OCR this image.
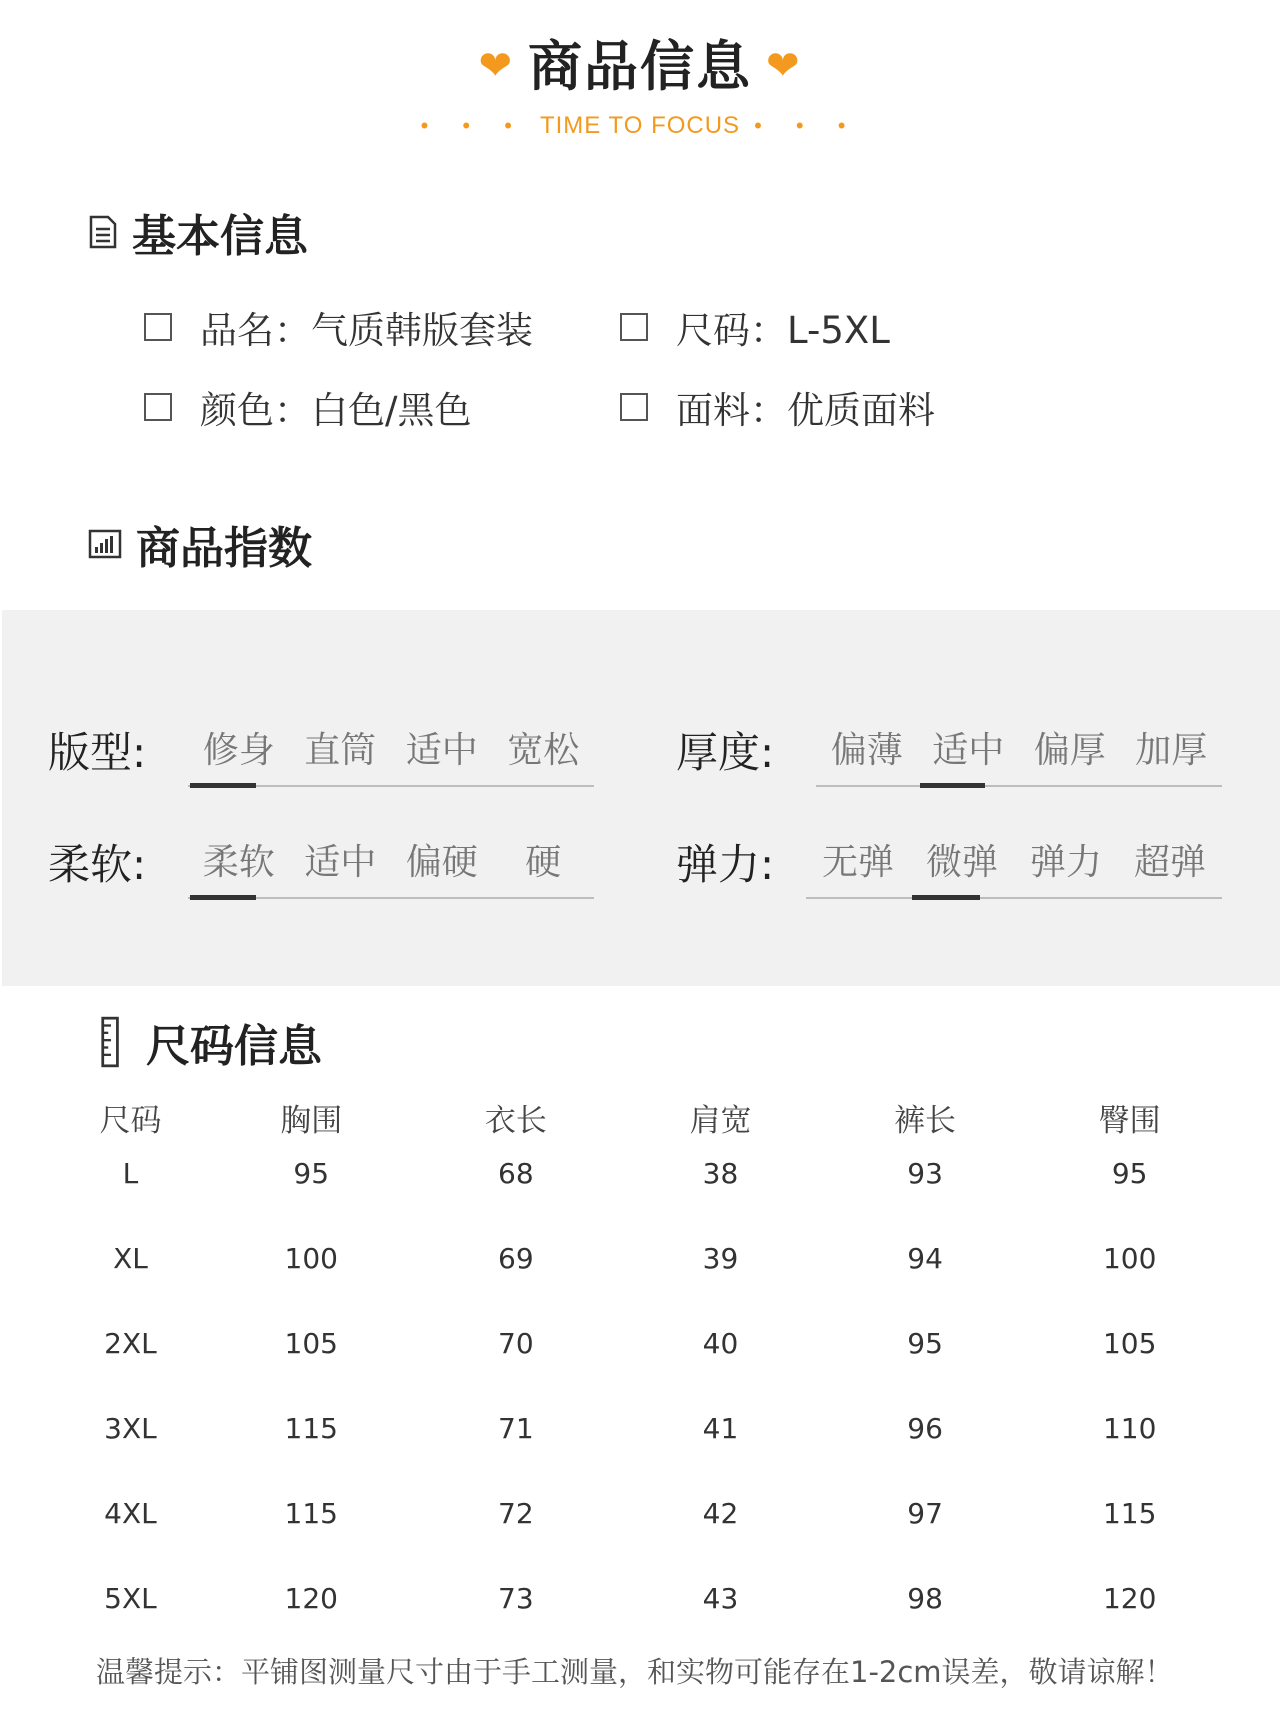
❤ 商品信息 ❤
• • • TIME TO FOCUS • • •
基本信息
品名：气质韩版套装	尺码：L-5XL
颜色：白色/黑色	面料：优质面料
商品指数
版型:	修身 直筒 适中 宽松	厚度:	偏薄 适中 偏厚 加厚
柔软:	柔软 适中 偏硬	硬	弹力:	无弹 微弹 弹力 超弹
尺码信息
尺码	胸围	衣长	肩宽	裤长	臀围
L	95	68	38	93	95
XL	100	69	39	94	100
2XL	105	70	40	95	105
3XL	115	71	41	96	110
4XL	115	72	42	97	115
5XL	120	73	43	98	120
温馨提示：平铺图测量尺寸由于手工测量，和实物可能存在1-2cm误差，敬请谅解！
